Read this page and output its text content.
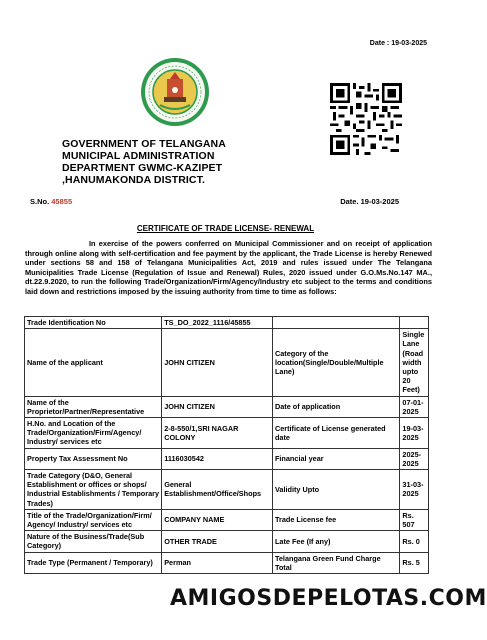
Date : 19-03-2025
GOVERNMENT OF TELANGANA
MUNICIPAL ADMINISTRATION
DEPARTMENT GWMC-KAZIPET
,HANUMAKONDA DISTRICT.
S.No. 45855	Date. 19-03-2025
CERTIFICATE OF TRADE LICENSE- RENEWAL
In exercise of the powers conferred on Municipal Commissioner and on receipt of application through online along with self-certification and fee payment by the applicant, the Trade License is hereby Renewed under sections 58 and 158 of Telangana Municipalities Act, 2019 and rules issued under The Telangana Municipalities Trade License (Regulation of Issue and Renewal) Rules, 2020 issued under G.O.Ms.No.147 MA., dt.22.9.2020, to run the following Trade/Organization/Firm/Agency/Industry etc subject to the terms and conditions laid down and restrictions imposed by the issuing authority from time to time as follows:
Trade Identification No	TS_DO_2022_1116/45855		
Name of the applicant	JOHN CITIZEN	Category of the location(Single/Double/Multiple Lane)	Single Lane (Road width upto 20 Feet)
Name of the Proprietor/Partner/Representative	JOHN CITIZEN	Date of application	07-01-2025
H.No. and Location of the Trade/Organization/Firm/Agency/ Industry/ services etc	2-8-550/1,SRI NAGAR COLONY	Certificate of License generated date	19-03-2025
Property Tax Assessment No	1116030542	Financial year	2025-2025
Trade Category (D&O, General Establishment or offices or shops/ Industrial Establishments / Temporary Trades)	General Establishment/Office/Shops	Validity Upto	31-03-2025
Title of the Trade/Organization/Firm/ Agency/ Industry/ services etc	COMPANY NAME	Trade License fee	Rs. 507
Nature of the Business/Trade(Sub Category)	OTHER TRADE	Late Fee (If any)	Rs. 0
Trade Type (Permanent / Temporary)	Perman	Telangana Green Fund Charge Total	Rs. 5
AMIGOSDEPELOTAS.COM
